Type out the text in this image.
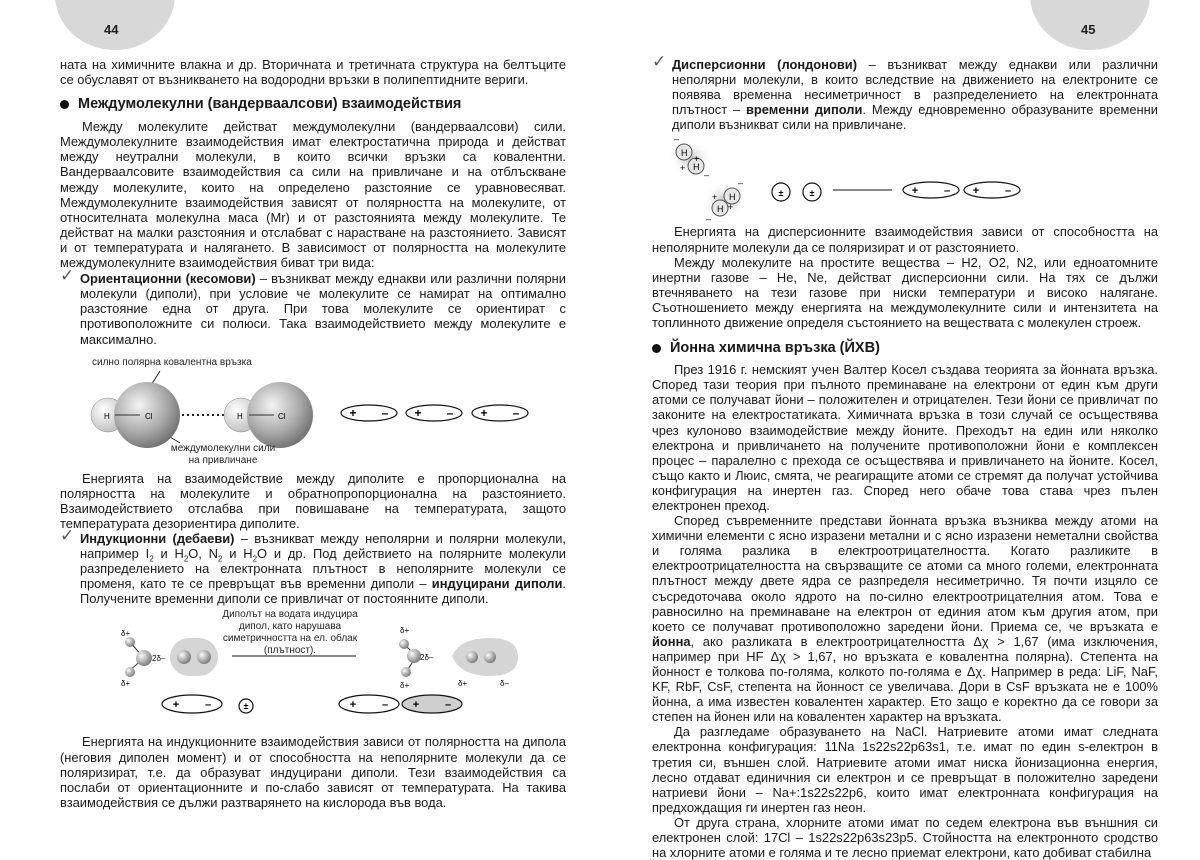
44	45

ната на химичните влакна и др. Вторичната и третичната структура на белтъците се обуславят от възникването на водородни връзки в полипептидните вериги.

Междумолекулни (вандерваалсови) взаимодействия

Между молекулите действат междумолекулни (вандерваалсови) сили. Междумолекулните взаимодействия имат електростатична природа и действат между неутрални молекули, в които всички връзки са ковалентни. Вандерваалсовите взаимодействия са сили на привличане и на отблъскване между молекулите, които на определено разстояние се уравновесяват. Междумолекулните взаимодействия зависят от полярността на молекулите, от относителната молекулна маса (Mr) и от разстоянията между молекулите. Те действат на малки разстояния и отслабват с нарастване на разстоянието. Зависят и от температурата и налягането. В зависимост от полярността на молекулите междумолекулните взаимодействия биват три вида:

✓ Ориентационни (кесомови) – възникват между еднакви или различни полярни молекули (диполи), при условие че молекулите се намират на оптимално разстояние една от друга. При това молекулите се ориентират с противоположните си полюси. Така взаимодействието между молекулите е максимално.

силно полярна ковалентна връзка
междумолекулни сили на привличане
H	Cl	H	Cl	+ – + – + –

Енергията на взаимодействие между диполите е пропорционална на полярността на молекулите и обратнопропорционална на разстоянието. Взаимодействието отслабва при повишаване на температурата, защото температурата дезориентира диполите.

✓ Индукционни (дебаеви) – възникват между неполярни и полярни молекули, например $I_2$ и $H_2O$, $N_2$ и $H_2O$ и др. Под действието на полярните молекули разпределението на електронната плътност в неполярните молекули се променя, като те се превръщат във временни диполи – индуцирани диполи. Получените временни диполи се привличат от постоянните диполи.

Диполът на водата индуцира дипол, като нарушава симетричността на ел. облак (плътност).
δ+
2δ–
δ+
δ+
2δ–
δ+	δ+	δ–
+ –	±	+ – + –

Енергията на индукционните взаимодействия зависи от полярността на дипола (неговия диполен момент) и от способността на неполярните молекули да се поляризират, т.е. да образуват индуцирани диполи. Тези взаимодействия са послаби от ориентационните и по-слабо зависят от температурата. На такива взаимодействия се дължи разтварянето на кислорода във вода.

✓ Дисперсионни (лондонови) – възникват между еднакви или различни неполярни молекули, в които вследствие на движението на електроните се появява временна несиметричност в разпределението на електронната плътност – временни диполи. Между едновременно образуваните временни диполи възникват сили на привличане.

H
H
H
H
–
+
+
–
–
+
+
–
±	±	+ – + –

Енергията на дисперсионните взаимодействия зависи от способността на неполярните молекули да се поляризират и от разстоянието.

Между молекулите на простите вещества – H2, O2, N2, или едноатомните инертни газове – He, Ne, действат дисперсионни сили. На тях се дължи втечняването на тези газове при ниски температури и високо налягане. Съотношението между енергията на междумолекулните сили и интензитета на топлинното движение определя състоянието на веществата с молекулен строеж.

Йонна химична връзка (ЙХВ)

През 1916 г. немският учен Валтер Косел създава теорията за йонната връзка. Според тази теория при пълното преминаване на електрони от един към други атоми се получават йони – положителен и отрицателен. Тези йони се привличат по законите на електростатиката. Химичната връзка в този случай се осъществява чрез кулоново взаимодействие между йоните. Преходът на един или няколко електрона и привличането на получените противоположни йони е комплексен процес – паралелно с прехода се осъществява и привличането на йоните. Косел, също както и Люис, смята, че реагиращите атоми се стремят да получат устойчива конфигурация на инертен газ. Според него обаче това става чрез пълен електронен преход.

Според съвременните представи йонната връзка възниква между атоми на химични елементи с ясно изразени метални и с ясно изразени неметални свойства и голяма разлика в електроотрицателността. Когато разликите в електроотрицателността на свързващите се атоми са много големи, електронната плътност между двете ядра се разпределя несиметрично. Тя почти изцяло се съсредоточава около ядрото на по-силно електроотрицателния атом. Това е равносилно на преминаване на електрон от единия атом към другия атом, при което се получават противоположно заредени йони. Приема се, че връзката е йонна, ако разликата в електроотрицателността Δχ > 1,67 (има изключения, например при HF Δχ > 1,67, но връзката е ковалентна полярна). Степента на йонност е толкова по-голяма, колкото по-голяма е Δχ. Например в реда: LiF, NaF, KF, RbF, CsF, степента на йонност се увеличава. Дори в CsF връзката не е 100% йонна, а има известен ковалентен характер. Ето защо е коректно да се говори за степен на йонен или на ковалентен характер на връзката.

Да разгледаме образуването на NaCl. Натриевите атоми имат следната електронна конфигурация: 11Na 1s22s22p63s1, т.е. имат по един s-електрон в третия си, външен слой. Натриевите атоми имат ниска йонизационна енергия, лесно отдават единичния си електрон и се превръщат в положително заредени натриеви йони – Na+:1s22s22p6, които имат електронната конфигурация на предхождащия ги инертен газ неон.

От друга страна, хлорните атоми имат по седем електрона във външния си електронен слой: 17Cl – 1s22s22p63s23p5. Стойността на електронното сродство на хлорните атоми е голяма и те лесно приемат електрони, като добиват стабилна
